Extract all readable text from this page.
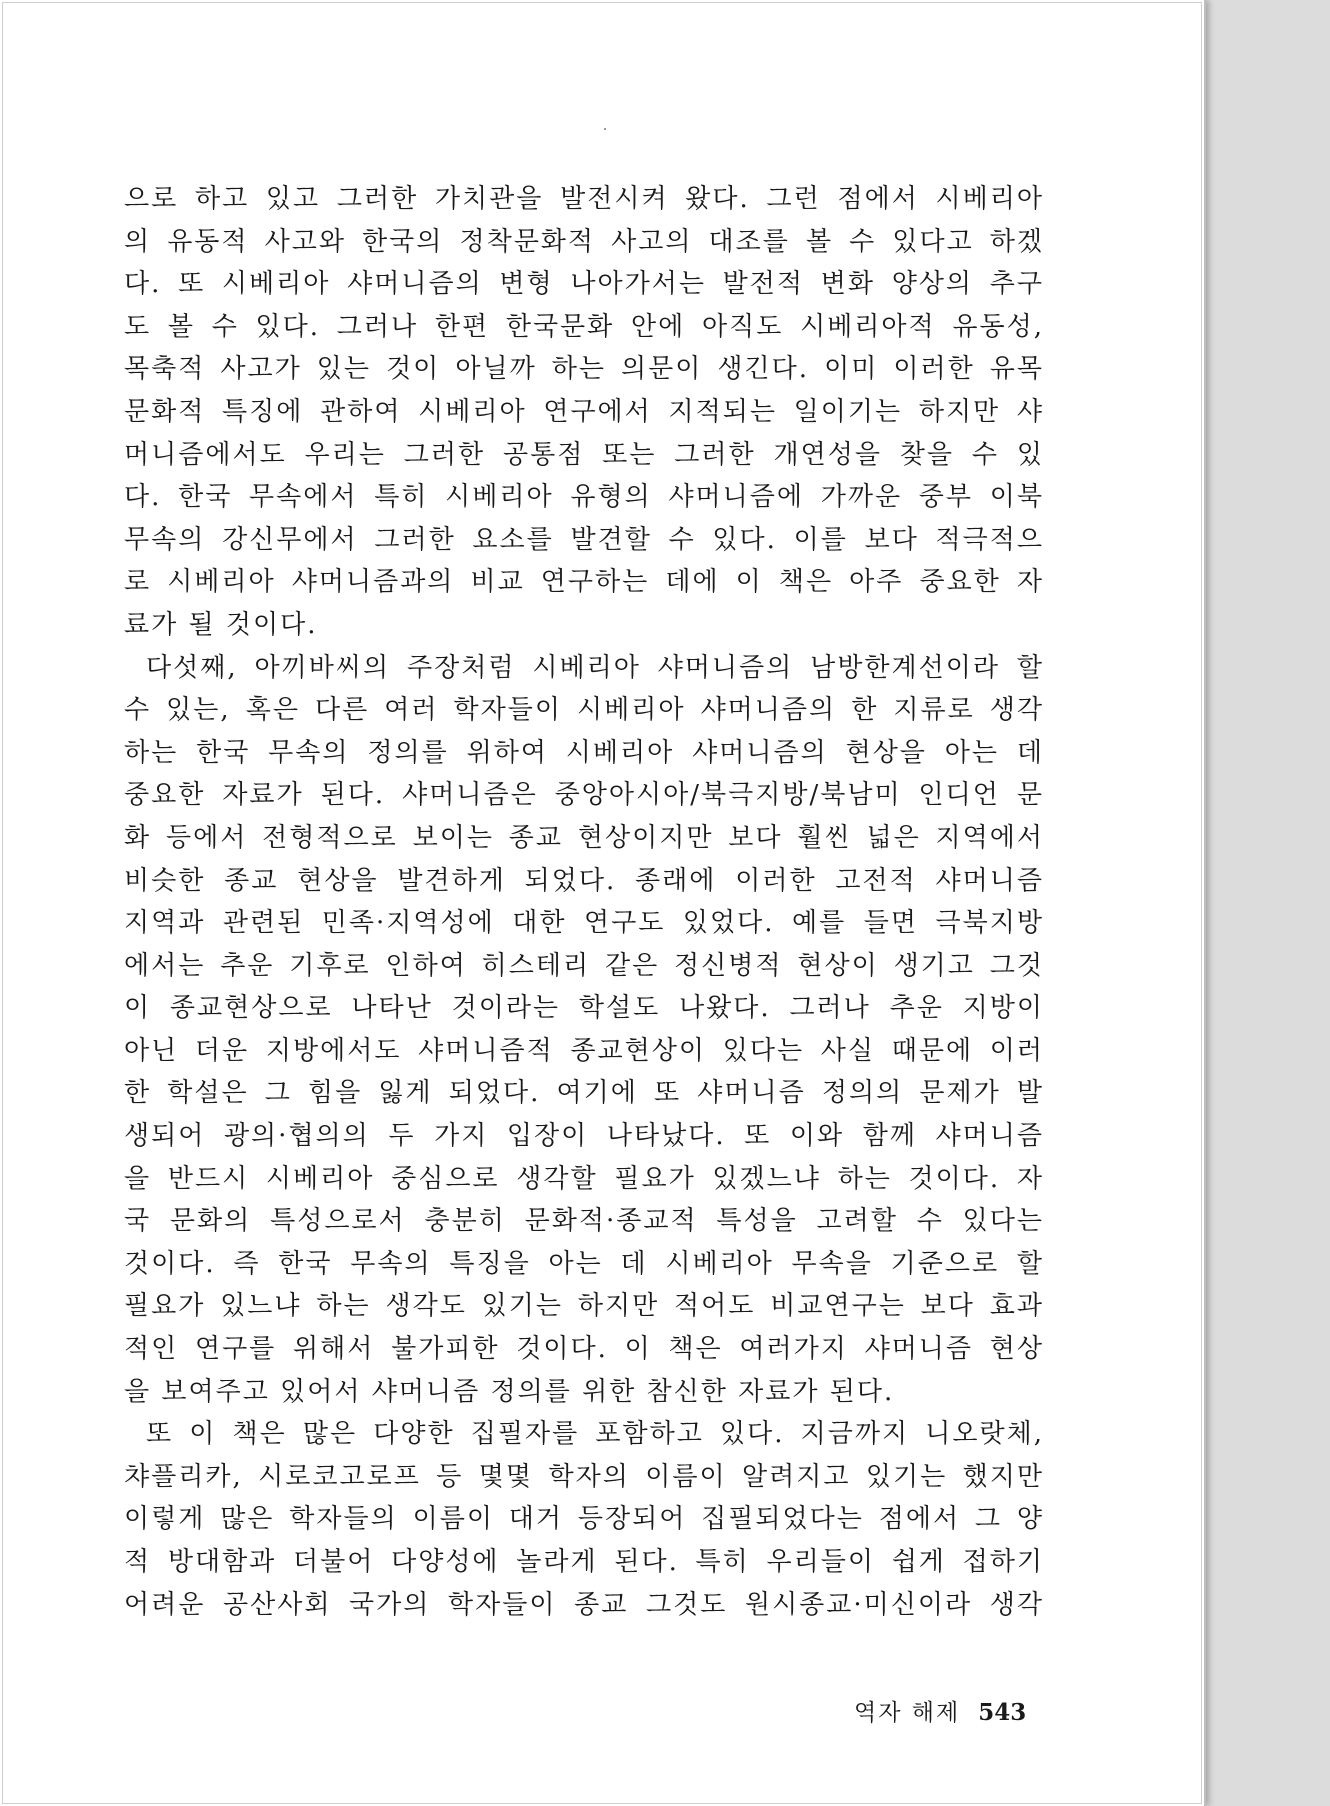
으로 하고 있고 그러한 가치관을 발전시켜 왔다. 그런 점에서 시베리아
의 유동적 사고와 한국의 정착문화적 사고의 대조를 볼 수 있다고 하겠
다. 또 시베리아 샤머니즘의 변형 나아가서는 발전적 변화 양상의 추구
도 볼 수 있다. 그러나 한편 한국문화 안에 아직도 시베리아적 유동성,
목축적 사고가 있는 것이 아닐까 하는 의문이 생긴다. 이미 이러한 유목
문화적 특징에 관하여 시베리아 연구에서 지적되는 일이기는 하지만 샤
머니즘에서도 우리는 그러한 공통점 또는 그러한 개연성을 찾을 수 있
다. 한국 무속에서 특히 시베리아 유형의 샤머니즘에 가까운 중부 이북
무속의 강신무에서 그러한 요소를 발견할 수 있다. 이를 보다 적극적으
로 시베리아 샤머니즘과의 비교 연구하는 데에 이 책은 아주 중요한 자
료가 될 것이다.
다섯째, 아끼바씨의 주장처럼 시베리아 샤머니즘의 남방한계선이라 할
수 있는, 혹은 다른 여러 학자들이 시베리아 샤머니즘의 한 지류로 생각
하는 한국 무속의 정의를 위하여 시베리아 샤머니즘의 현상을 아는 데
중요한 자료가 된다. 샤머니즘은 중앙아시아/북극지방/북남미 인디언 문
화 등에서 전형적으로 보이는 종교 현상이지만 보다 훨씬 넓은 지역에서
비슷한 종교 현상을 발견하게 되었다. 종래에 이러한 고전적 샤머니즘
지역과 관련된 민족·지역성에 대한 연구도 있었다. 예를 들면 극북지방
에서는 추운 기후로 인하여 히스테리 같은 정신병적 현상이 생기고 그것
이 종교현상으로 나타난 것이라는 학설도 나왔다. 그러나 추운 지방이
아닌 더운 지방에서도 샤머니즘적 종교현상이 있다는 사실 때문에 이러
한 학설은 그 힘을 잃게 되었다. 여기에 또 샤머니즘 정의의 문제가 발
생되어 광의·협의의 두 가지 입장이 나타났다. 또 이와 함께 샤머니즘
을 반드시 시베리아 중심으로 생각할 필요가 있겠느냐 하는 것이다. 자
국 문화의 특성으로서 충분히 문화적·종교적 특성을 고려할 수 있다는
것이다. 즉 한국 무속의 특징을 아는 데 시베리아 무속을 기준으로 할
필요가 있느냐 하는 생각도 있기는 하지만 적어도 비교연구는 보다 효과
적인 연구를 위해서 불가피한 것이다. 이 책은 여러가지 샤머니즘 현상
을 보여주고 있어서 샤머니즘 정의를 위한 참신한 자료가 된다.
또 이 책은 많은 다양한 집필자를 포함하고 있다. 지금까지 니오랏체,
챠플리카, 시로코고로프 등 몇몇 학자의 이름이 알려지고 있기는 했지만
이렇게 많은 학자들의 이름이 대거 등장되어 집필되었다는 점에서 그 양
적 방대함과 더불어 다양성에 놀라게 된다. 특히 우리들이 쉽게 접하기
어려운 공산사회 국가의 학자들이 종교 그것도 원시종교·미신이라 생각
역자 해제 543
